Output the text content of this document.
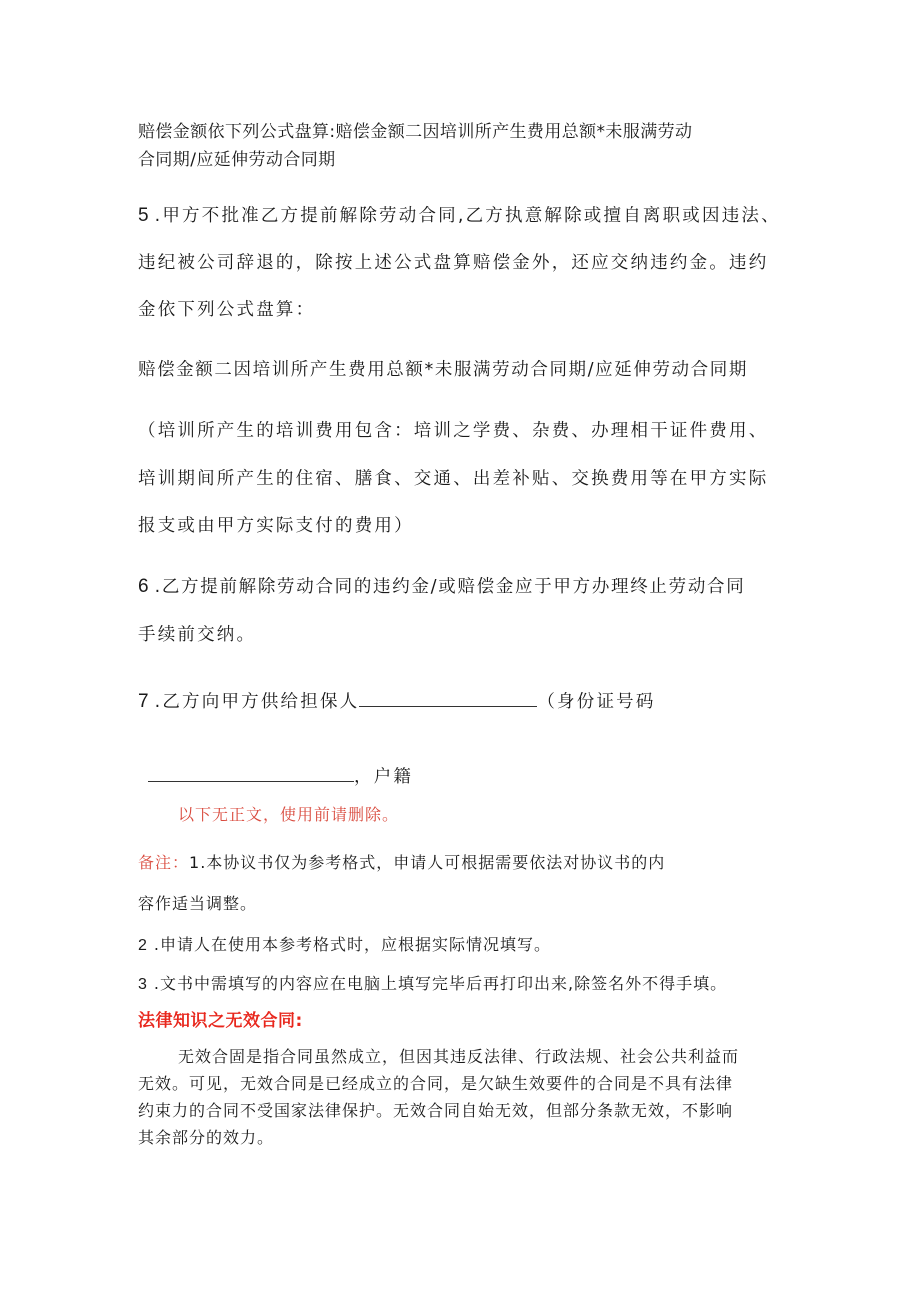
赔偿金额依下列公式盘算:赔偿金额二因培训所产生费用总额*未服满劳动
合同期/应延伸劳动合同期
5 .甲方不批准乙方提前解除劳动合同,乙方执意解除或擅自离职或因违法、
违纪被公司辞退的，除按上述公式盘算赔偿金外，还应交纳违约金。违约
金依下列公式盘算：
赔偿金额二因培训所产生费用总额*未服满劳动合同期/应延伸劳动合同期
（培训所产生的培训费用包含：培训之学费、杂费、办理相干证件费用、
培训期间所产生的住宿、膳食、交通、出差补贴、交换费用等在甲方实际
报支或由甲方实际支付的费用）
6 .乙方提前解除劳动合同的违约金/或赔偿金应于甲方办理终止劳动合同
手续前交纳。
7 .乙方向甲方供给担保人	（身份证号码
，户籍
以下无正文，使用前请删除。
备注：1.本协议书仅为参考格式，申请人可根据需要依法对协议书的内
容作适当调整。
2 .申请人在使用本参考格式时，应根据实际情况填写。
3 .文书中需填写的内容应在电脑上填写完毕后再打印出来,除签名外不得手填。
法律知识之无效合同:
无效合固是指合同虽然成立，但因其违反法律、行政法规、社会公共利益而
无效。可见，无效合同是已经成立的合同，是欠缺生效要件的合同是不具有法律
约束力的合同不受国家法律保护。无效合同自始无效，但部分条款无效，不影响
其余部分的效力。
